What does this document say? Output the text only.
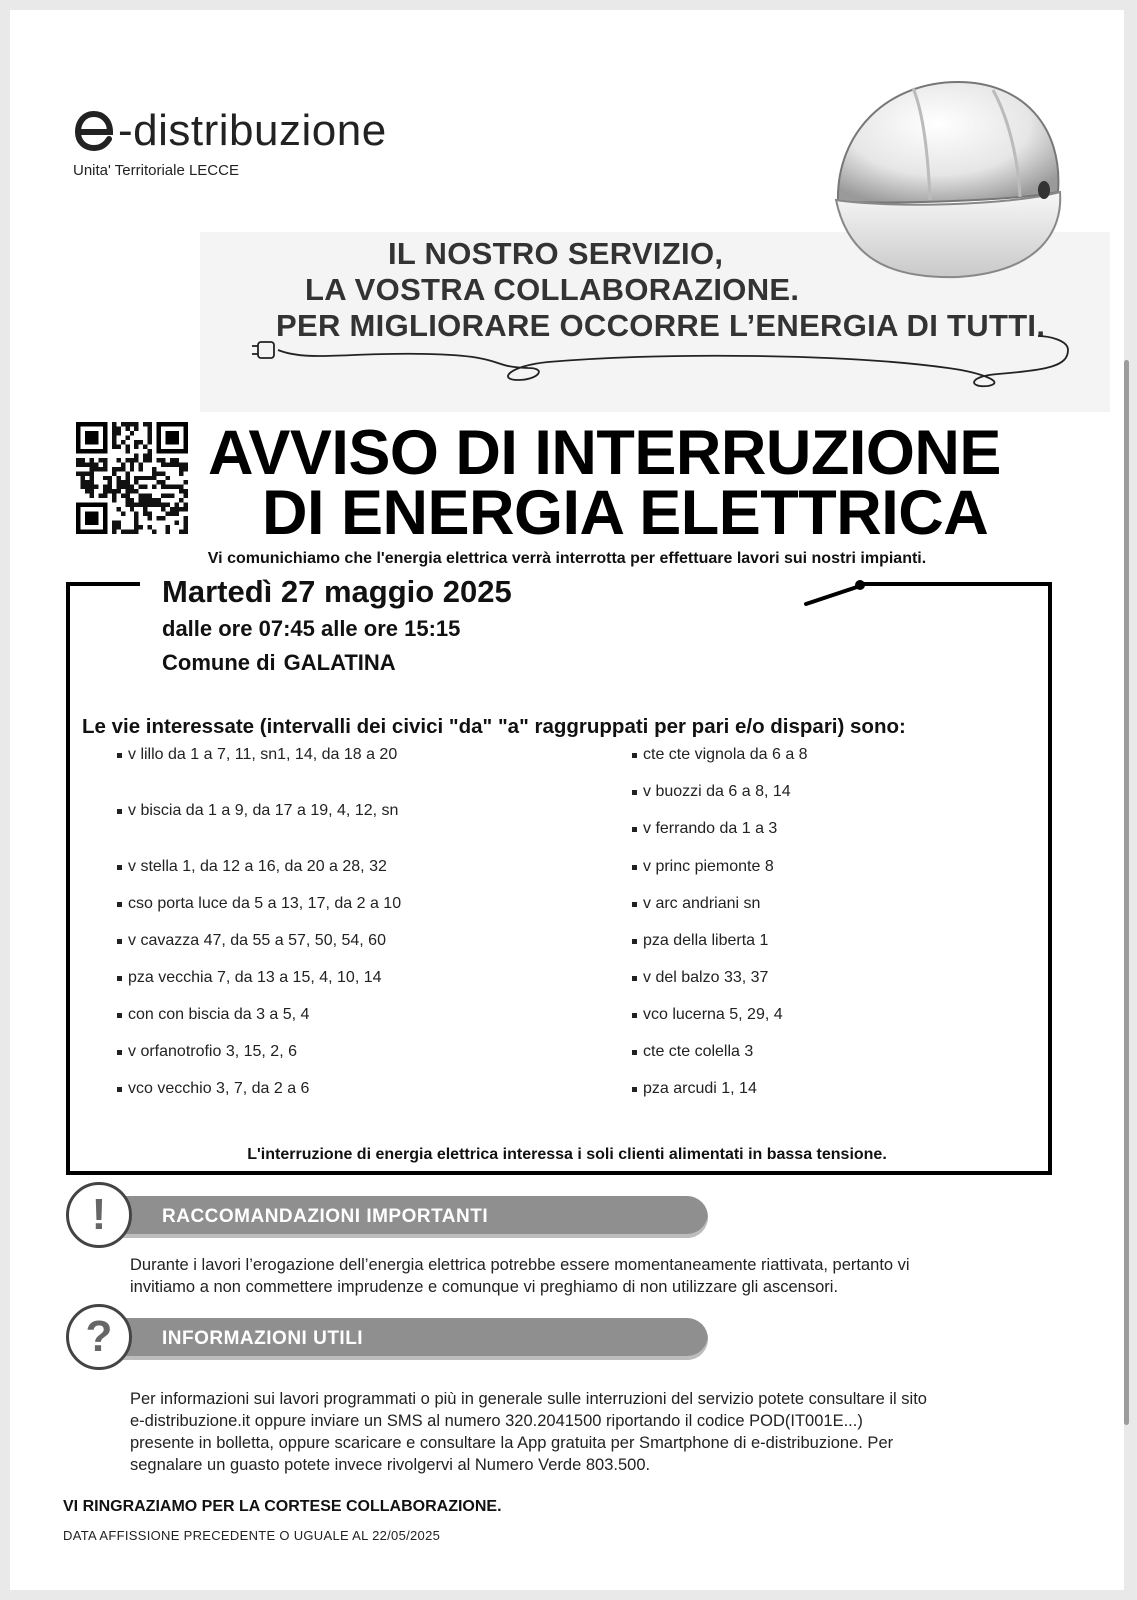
-distribuzione
Unita' Territoriale LECCE
IL NOSTRO SERVIZIO,
LA VOSTRA COLLABORAZIONE.
PER MIGLIORARE OCCORRE L’ENERGIA DI TUTTI.
AVVISO DI INTERRUZIONE
DI ENERGIA ELETTRICA
Vi comunichiamo che l'energia elettrica verrà interrotta per effettuare lavori sui nostri impianti.
Martedì 27 maggio 2025
dalle ore 07:45 alle ore 15:15
Comune di GALATINA
Le vie interessate (intervalli dei civici "da" "a" raggruppati per pari e/o dispari) sono:
v lillo da 1 a 7, 11, sn1, 14, da 18 a 20
v biscia da 1 a 9, da 17 a 19, 4, 12, sn
v stella 1, da 12 a 16, da 20 a 28, 32
cso porta luce da 5 a 13, 17, da 2 a 10
v cavazza 47, da 55 a 57, 50, 54, 60
pza vecchia 7, da 13 a 15, 4, 10, 14
con con biscia da 3 a 5, 4
v orfanotrofio 3, 15, 2, 6
vco vecchio 3, 7, da 2 a 6
cte cte vignola da 6 a 8
v buozzi da 6 a 8, 14
v ferrando da 1 a 3
v princ piemonte 8
v arc andriani sn
pza della liberta 1
v del balzo 33, 37
vco lucerna 5, 29, 4
cte cte colella 3
pza arcudi 1, 14
L'interruzione di energia elettrica interessa i soli clienti alimentati in bassa tensione.
!	RACCOMANDAZIONI IMPORTANTI
Durante i lavori l’erogazione dell’energia elettrica potrebbe essere momentaneamente riattivata, pertanto vi
invitiamo a non commettere imprudenze e comunque vi preghiamo di non utilizzare gli ascensori.
?	INFORMAZIONI UTILI
Per informazioni sui lavori programmati o più in generale sulle interruzioni del servizio potete consultare il sito
e-distribuzione.it oppure inviare un SMS al numero 320.2041500 riportando il codice POD(IT001E...)
presente in bolletta, oppure scaricare e consultare la App gratuita per Smartphone di e-distribuzione. Per
segnalare un guasto potete invece rivolgervi al Numero Verde 803.500.
VI RINGRAZIAMO PER LA CORTESE COLLABORAZIONE.
DATA AFFISSIONE PRECEDENTE O UGUALE AL 22/05/2025
